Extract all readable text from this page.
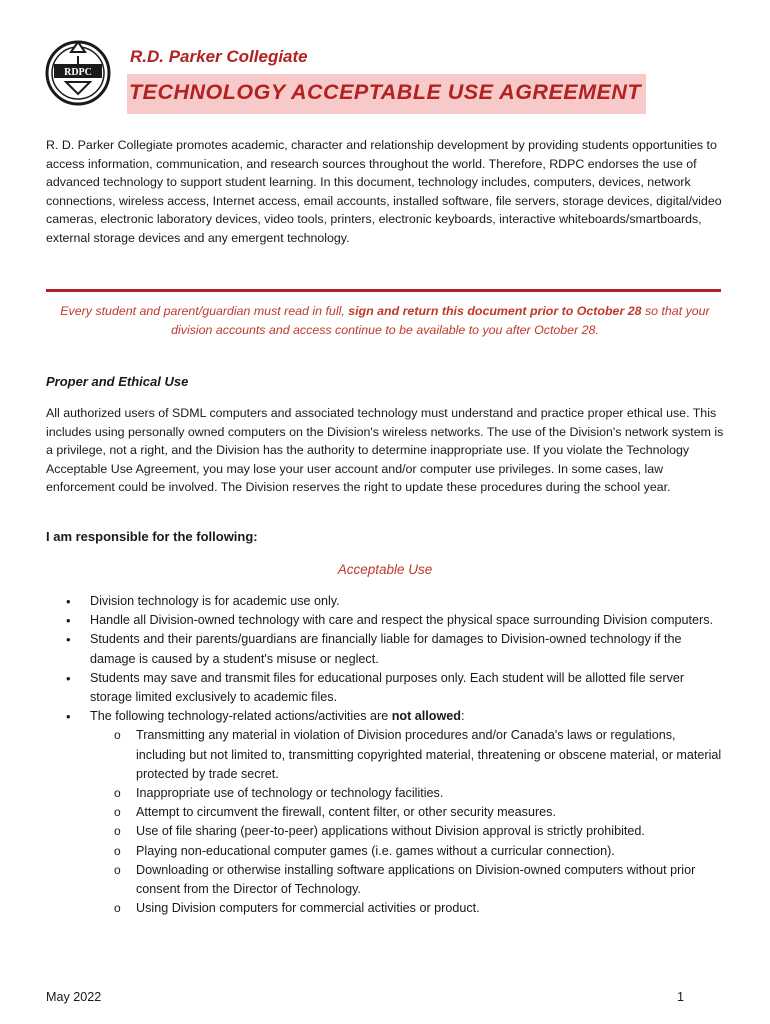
RDPC
R.D. Parker Collegiate
TECHNOLOGY ACCEPTABLE USE AGREEMENT

R. D. Parker Collegiate promotes academic, character and relationship development by providing students opportunities to access information, communication, and research sources throughout the world. Therefore, RDPC endorses the use of advanced technology to support student learning. In this document, technology includes, computers, devices, network connections, wireless access, Internet access, email accounts, installed software, file servers, storage devices, digital/video cameras, electronic laboratory devices, video tools, printers, electronic keyboards, interactive whiteboards/smartboards, external storage devices and any emergent technology.

Every student and parent/guardian must read in full, sign and return this document prior to October 28 so that your division accounts and access continue to be available to you after October 28.

Proper and Ethical Use

All authorized users of SDML computers and associated technology must understand and practice proper ethical use. This includes using personally owned computers on the Division's wireless networks. The use of the Division's network system is a privilege, not a right, and the Division has the authority to determine inappropriate use. If you violate the Technology Acceptable Use Agreement, you may lose your user account and/or computer use privileges. In some cases, law enforcement could be involved. The Division reserves the right to update these procedures during the school year.

I am responsible for the following:
Acceptable Use
• Division technology is for academic use only.
• Handle all Division-owned technology with care and respect the physical space surrounding Division computers.
• Students and their parents/guardians are financially liable for damages to Division-owned technology if the damage is caused by a student's misuse or neglect.
• Students may save and transmit files for educational purposes only. Each student will be allotted file server storage limited exclusively to academic files.
• The following technology-related actions/activities are not allowed:
o Transmitting any material in violation of Division procedures and/or Canada's laws or regulations, including but not limited to, transmitting copyrighted material, threatening or obscene material, or material protected by trade secret.
o Inappropriate use of technology or technology facilities.
o Attempt to circumvent the firewall, content filter, or other security measures.
o Use of file sharing (peer-to-peer) applications without Division approval is strictly prohibited.
o Playing non-educational computer games (i.e. games without a curricular connection).
o Downloading or otherwise installing software applications on Division-owned computers without prior consent from the Director of Technology.
o Using Division computers for commercial activities or product.
May 2022	1
